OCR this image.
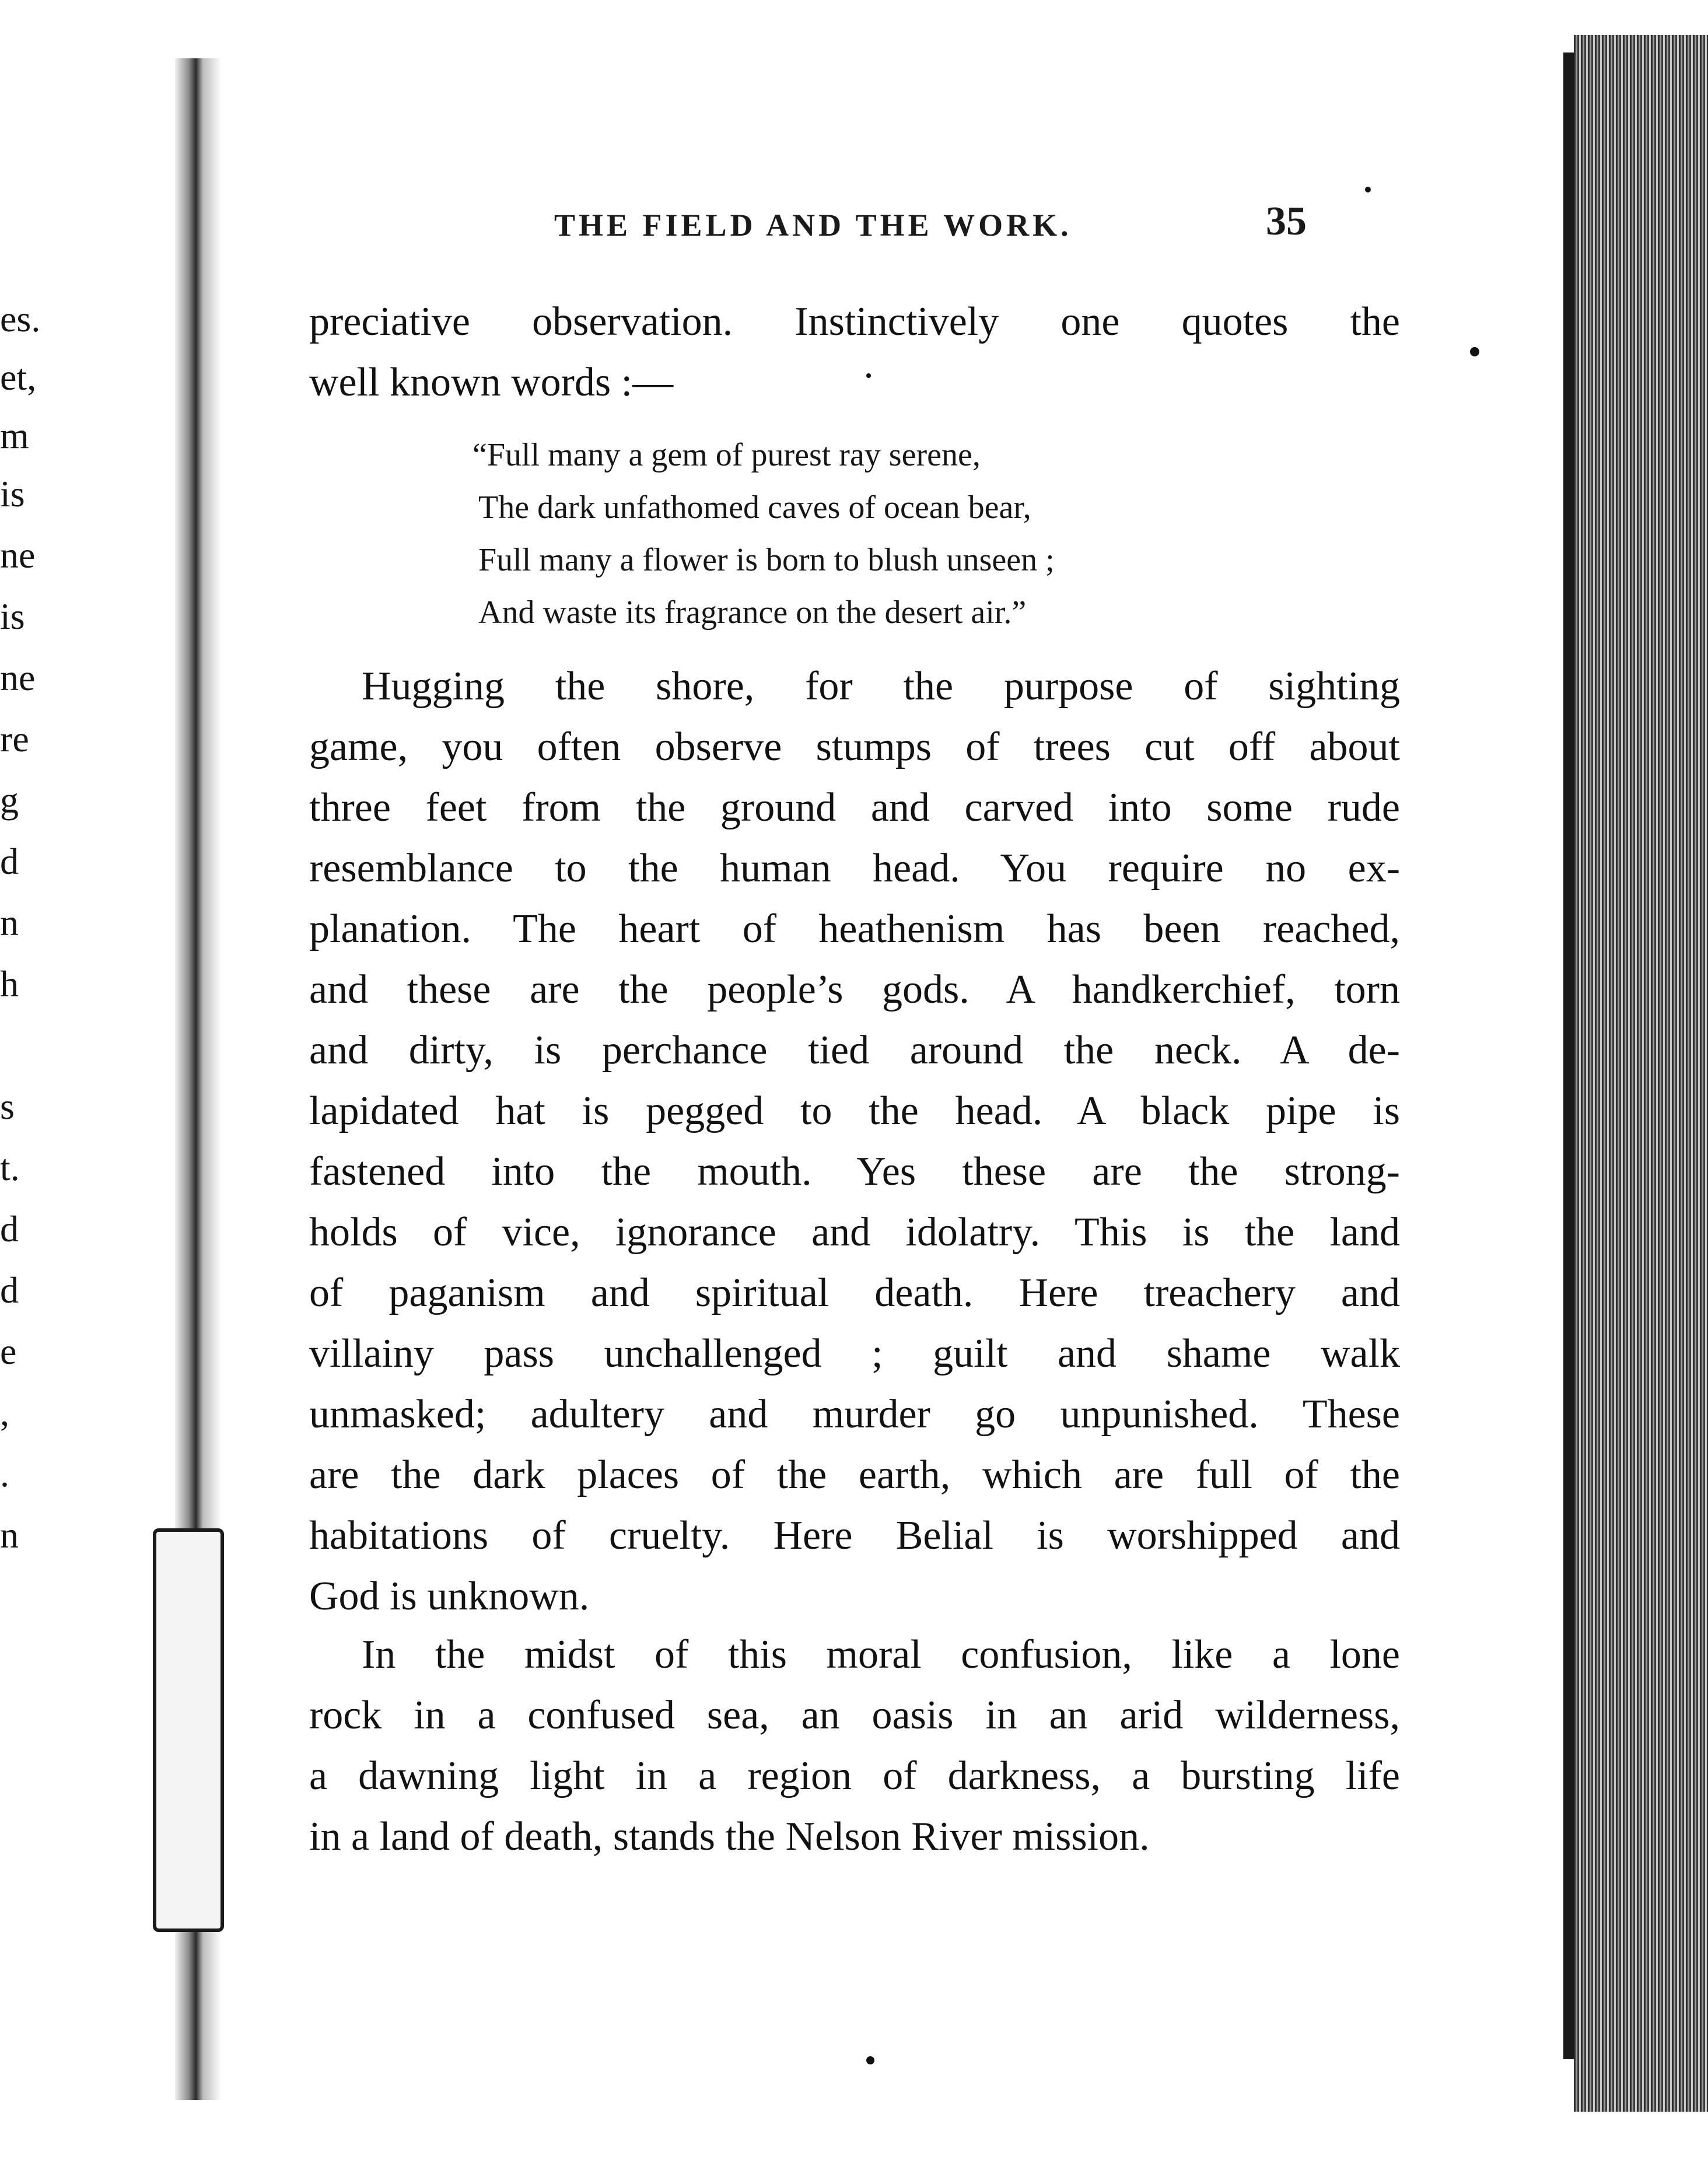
es.
et,
m
is
ne
is
ne
re
g
d
n
h
s
t.
d
d
e
,
.
n
THE FIELD AND THE WORK.	35
preciative observation. Instinctively one quotes the
well known words :—
“Full many a gem of purest ray serene,
The dark unfathomed caves of ocean bear,
Full many a flower is born to blush unseen ;
And waste its fragrance on the desert air.”
Hugging the shore, for the purpose of sighting
game, you often observe stumps of trees cut off about
three feet from the ground and carved into some rude
resemblance to the human head. You require no ex-
planation. The heart of heathenism has been reached,
and these are the people’s gods. A handkerchief, torn
and dirty, is perchance tied around the neck. A de-
lapidated hat is pegged to the head. A black pipe is
fastened into the mouth. Yes these are the strong-
holds of vice, ignorance and idolatry. This is the land
of paganism and spiritual death. Here treachery and
villainy pass unchallenged ; guilt and shame walk
unmasked; adultery and murder go unpunished. These
are the dark places of the earth, which are full of the
habitations of cruelty. Here Belial is worshipped and
God is unknown.
In the midst of this moral confusion, like a lone
rock in a confused sea, an oasis in an arid wilderness,
a dawning light in a region of darkness, a bursting life
in a land of death, stands the Nelson River mission.
